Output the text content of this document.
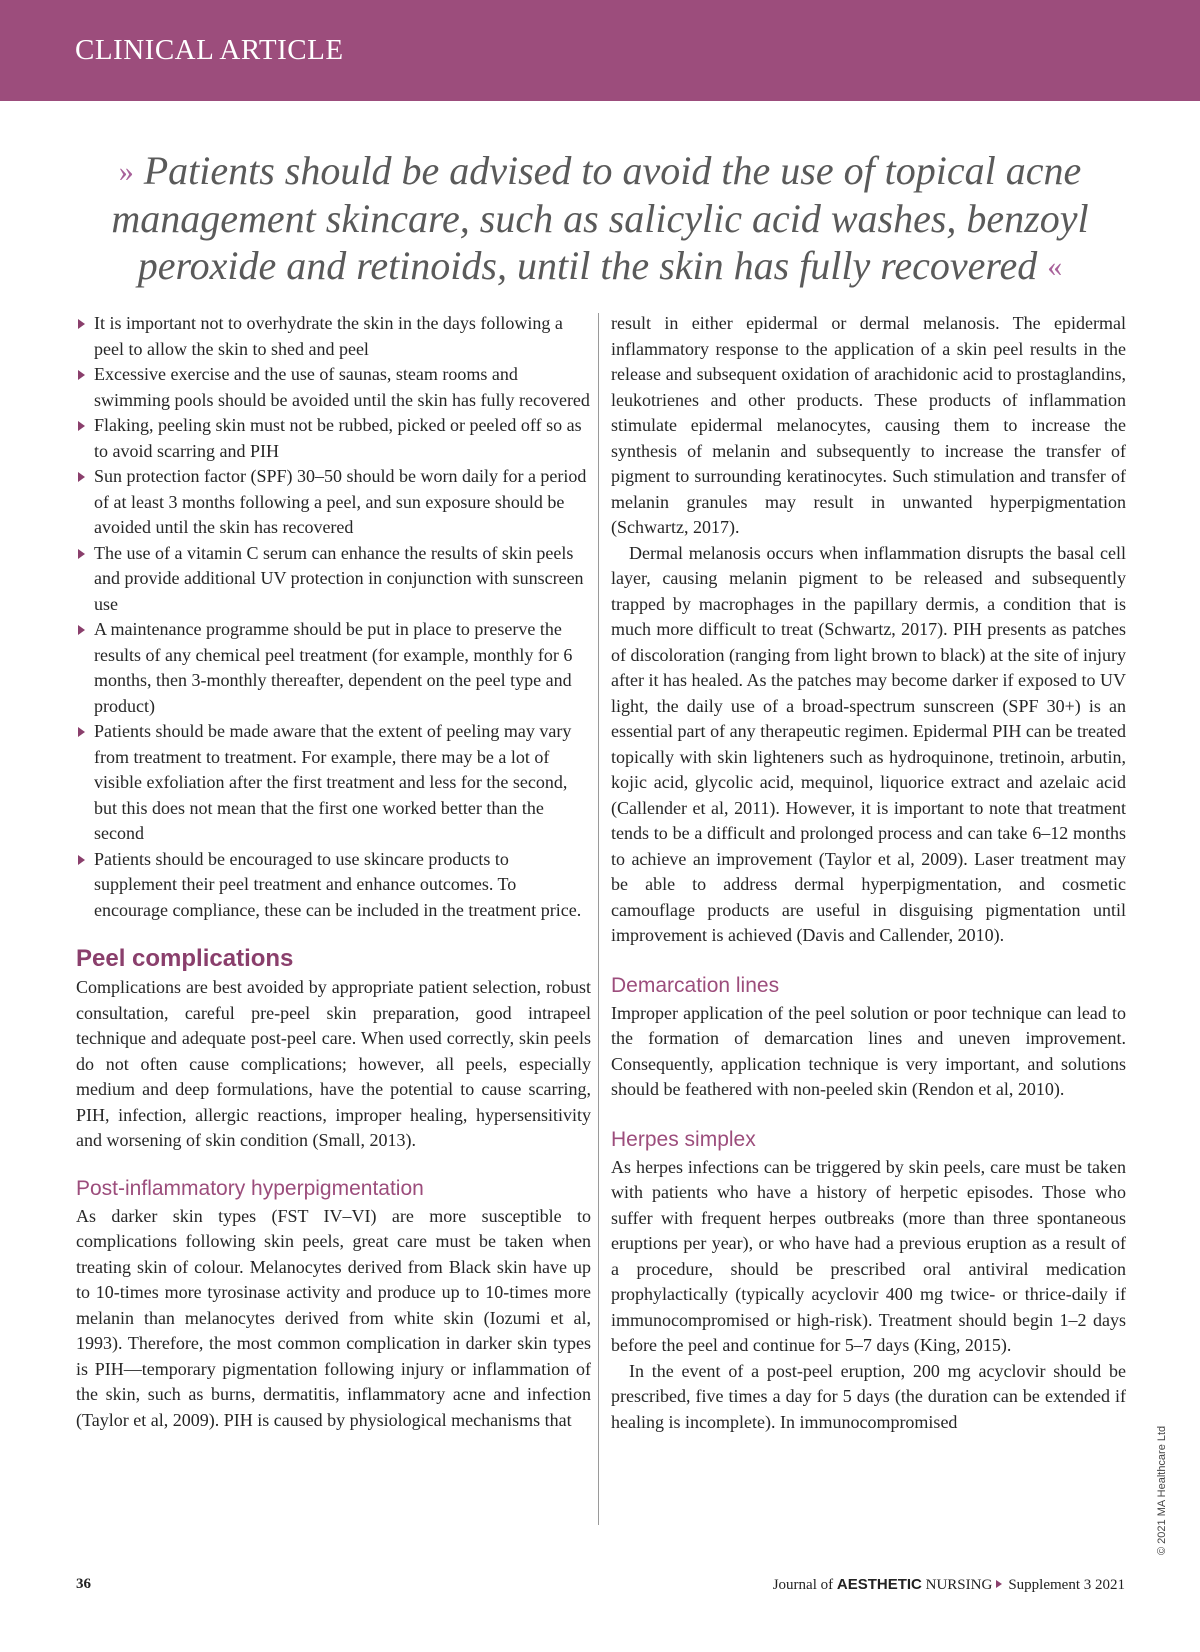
CLINICAL ARTICLE
» Patients should be advised to avoid the use of topical acne management skincare, such as salicylic acid washes, benzoyl peroxide and retinoids, until the skin has fully recovered «
It is important not to overhydrate the skin in the days following a peel to allow the skin to shed and peel
Excessive exercise and the use of saunas, steam rooms and swimming pools should be avoided until the skin has fully recovered
Flaking, peeling skin must not be rubbed, picked or peeled off so as to avoid scarring and PIH
Sun protection factor (SPF) 30–50 should be worn daily for a period of at least 3 months following a peel, and sun exposure should be avoided until the skin has recovered
The use of a vitamin C serum can enhance the results of skin peels and provide additional UV protection in conjunction with sunscreen use
A maintenance programme should be put in place to preserve the results of any chemical peel treatment (for example, monthly for 6 months, then 3-monthly thereafter, dependent on the peel type and product)
Patients should be made aware that the extent of peeling may vary from treatment to treatment. For example, there may be a lot of visible exfoliation after the first treatment and less for the second, but this does not mean that the first one worked better than the second
Patients should be encouraged to use skincare products to supplement their peel treatment and enhance outcomes. To encourage compliance, these can be included in the treatment price.
Peel complications

Complications are best avoided by appropriate patient selection, robust consultation, careful pre-peel skin preparation, good intrapeel technique and adequate post-peel care. When used correctly, skin peels do not often cause complications; however, all peels, especially medium and deep formulations, have the potential to cause scarring, PIH, infection, allergic reactions, improper healing, hypersensitivity and worsening of skin condition (Small, 2013).

Post-inflammatory hyperpigmentation

As darker skin types (FST IV–VI) are more susceptible to complications following skin peels, great care must be taken when treating skin of colour. Melanocytes derived from Black skin have up to 10-times more tyrosinase activity and produce up to 10-times more melanin than melanocytes derived from white skin (Iozumi et al, 1993). Therefore, the most common complication in darker skin types is PIH—temporary pigmentation following injury or inflammation of the skin, such as burns, dermatitis, inflammatory acne and infection (Taylor et al, 2009). PIH is caused by physiological mechanisms that

result in either epidermal or dermal melanosis. The epidermal inflammatory response to the application of a skin peel results in the release and subsequent oxidation of arachidonic acid to prostaglandins, leukotrienes and other products. These products of inflammation stimulate epidermal melanocytes, causing them to increase the synthesis of melanin and subsequently to increase the transfer of pigment to surrounding keratinocytes. Such stimulation and transfer of melanin granules may result in unwanted hyperpigmentation (Schwartz, 2017).

Dermal melanosis occurs when inflammation disrupts the basal cell layer, causing melanin pigment to be released and subsequently trapped by macrophages in the papillary dermis, a condition that is much more difficult to treat (Schwartz, 2017). PIH presents as patches of discoloration (ranging from light brown to black) at the site of injury after it has healed. As the patches may become darker if exposed to UV light, the daily use of a broad-spectrum sunscreen (SPF 30+) is an essential part of any therapeutic regimen. Epidermal PIH can be treated topically with skin lighteners such as hydroquinone, tretinoin, arbutin, kojic acid, glycolic acid, mequinol, liquorice extract and azelaic acid (Callender et al, 2011). However, it is important to note that treatment tends to be a difficult and prolonged process and can take 6–12 months to achieve an improvement (Taylor et al, 2009). Laser treatment may be able to address dermal hyperpigmentation, and cosmetic camouflage products are useful in disguising pigmentation until improvement is achieved (Davis and Callender, 2010).

Demarcation lines

Improper application of the peel solution or poor technique can lead to the formation of demarcation lines and uneven improvement. Consequently, application technique is very important, and solutions should be feathered with non-peeled skin (Rendon et al, 2010).

Herpes simplex

As herpes infections can be triggered by skin peels, care must be taken with patients who have a history of herpetic episodes. Those who suffer with frequent herpes outbreaks (more than three spontaneous eruptions per year), or who have had a previous eruption as a result of a procedure, should be prescribed oral antiviral medication prophylactically (typically acyclovir 400 mg twice- or thrice-daily if immunocompromised or high-risk). Treatment should begin 1–2 days before the peel and continue for 5–7 days (King, 2015).

In the event of a post-peel eruption, 200 mg acyclovir should be prescribed, five times a day for 5 days (the duration can be extended if healing is incomplete). In immunocompromised

© 2021 MA Healthcare Ltd
36	Journal of AESTHETIC NURSING Supplement 3 2021
